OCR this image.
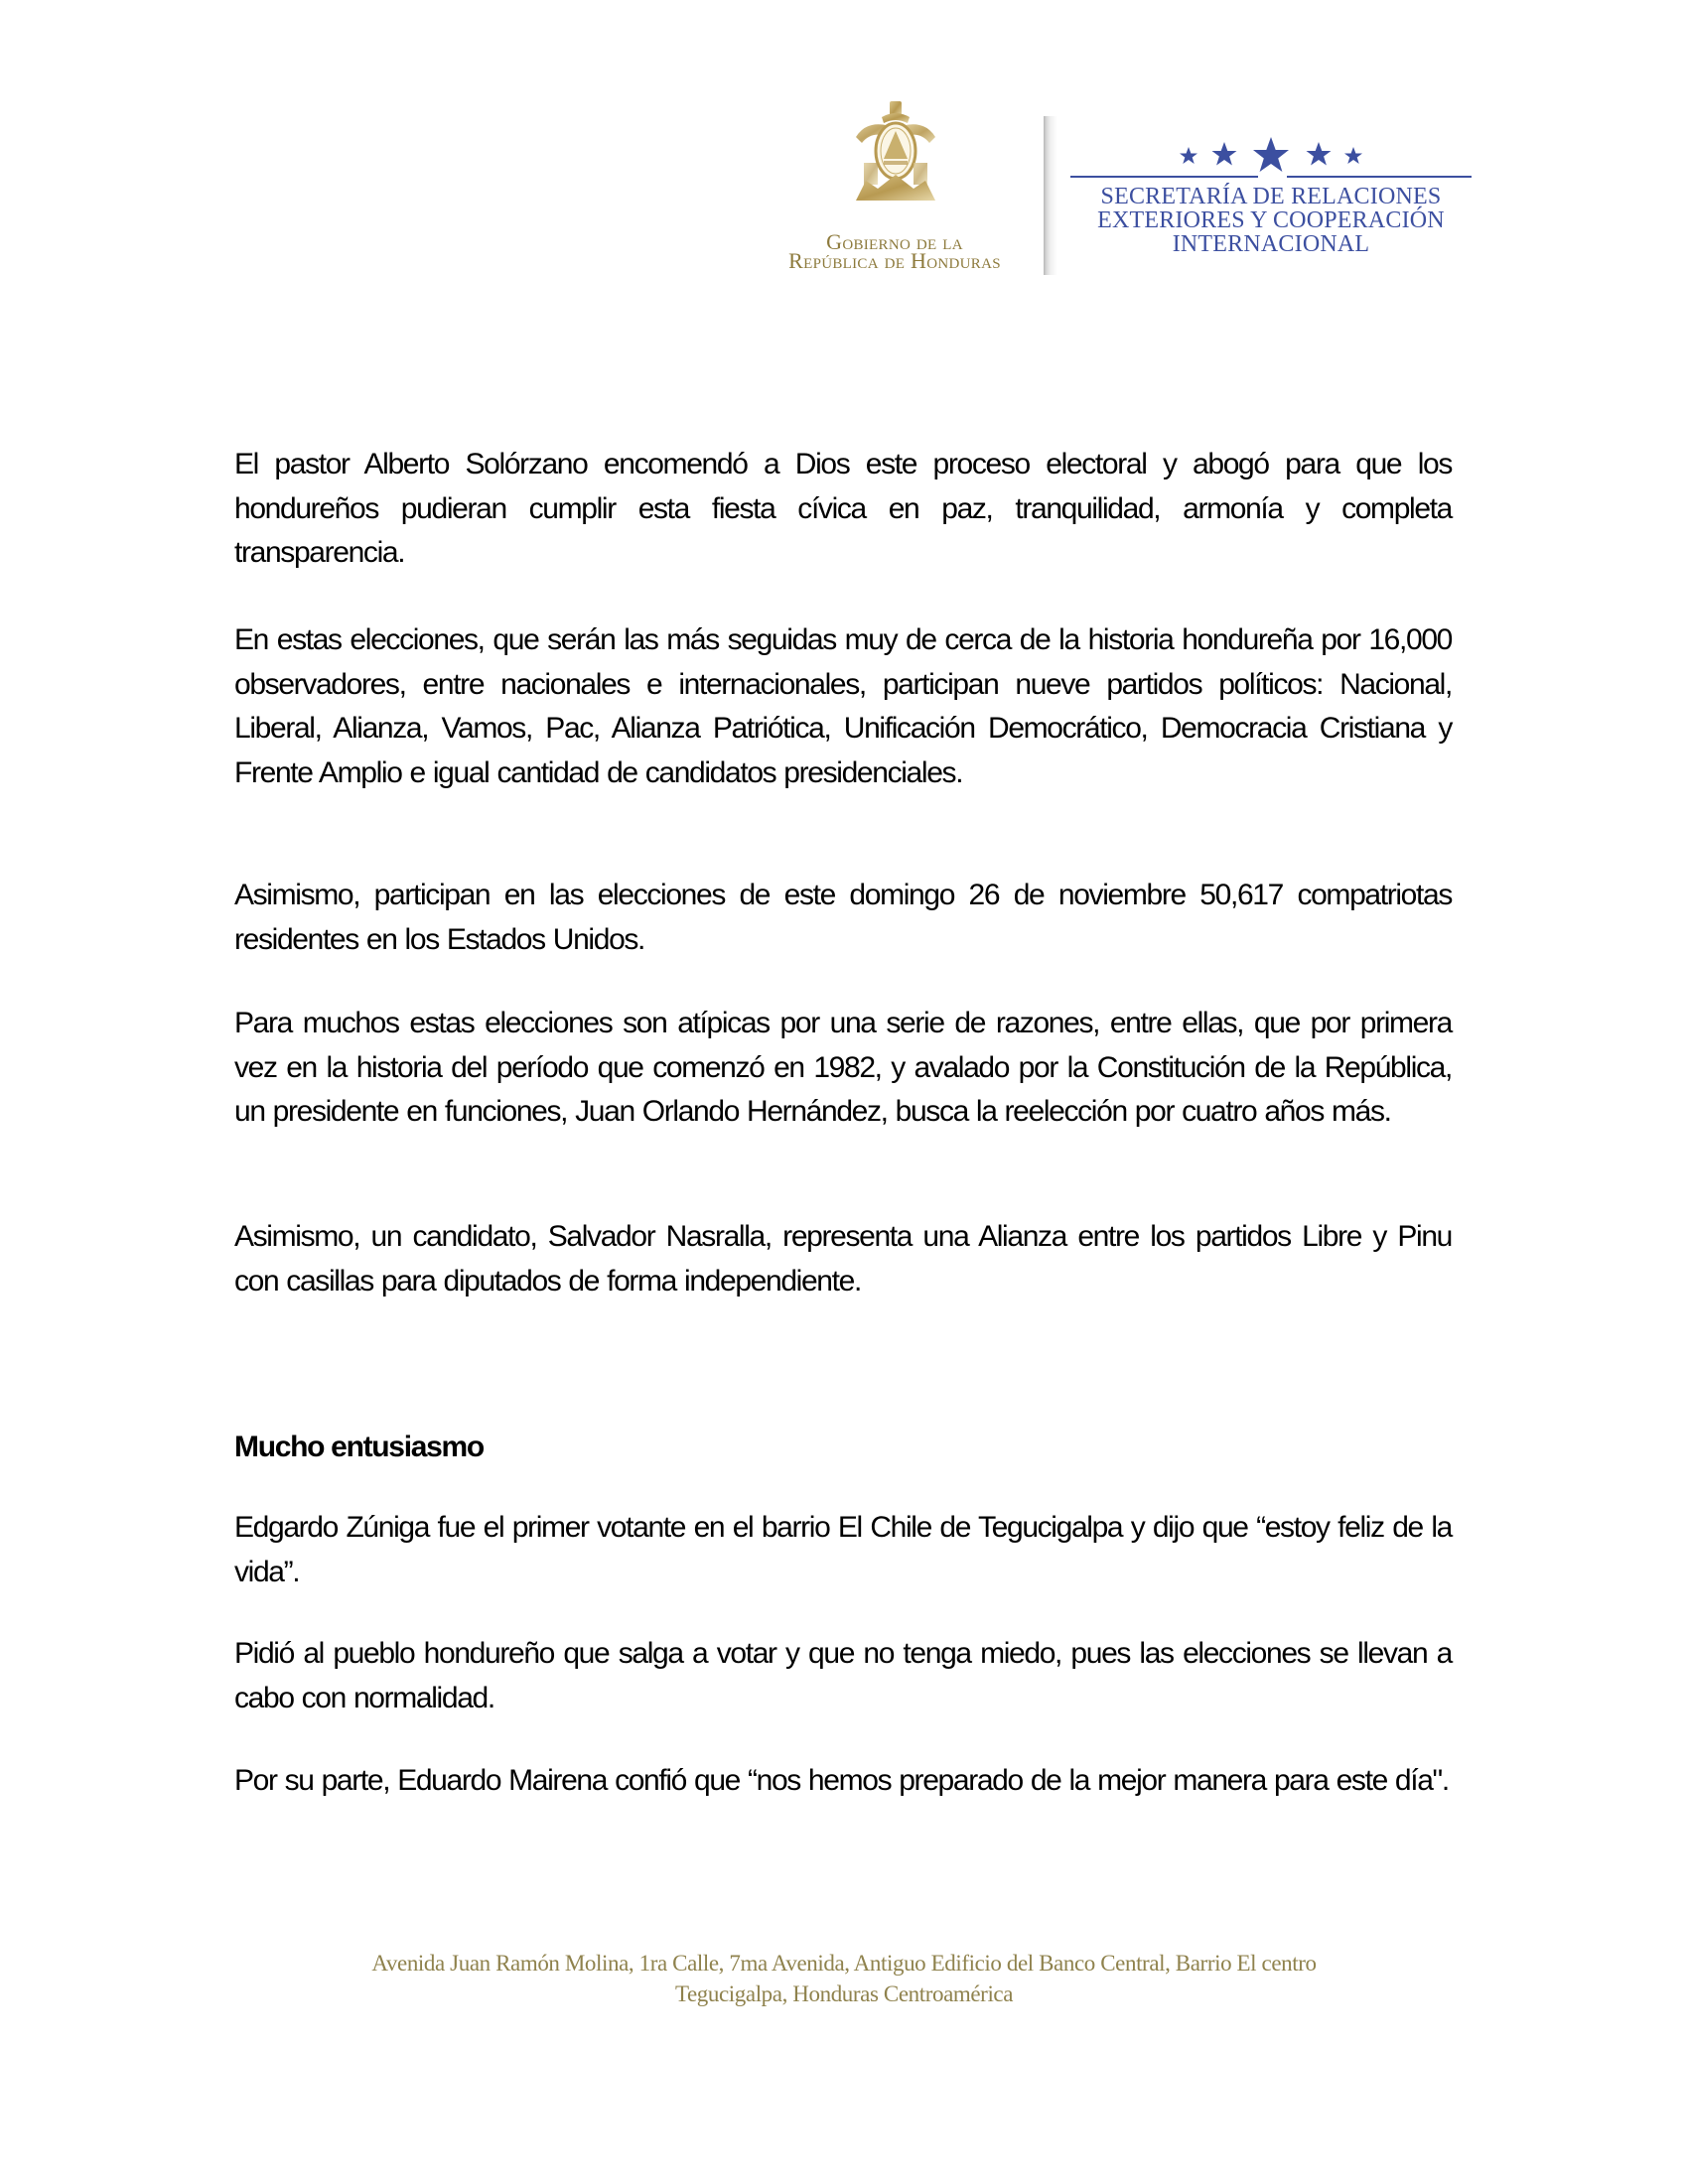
Gobierno de la
República de Honduras
SECRETARÍA DE RELACIONES
EXTERIORES Y COOPERACIÓN
INTERNACIONAL

El pastor Alberto Solórzano encomendó a Dios este proceso electoral y abogó para que los hondureños pudieran cumplir esta fiesta cívica en paz, tranquilidad, armonía y completa transparencia.

En estas elecciones, que serán las más seguidas muy de cerca de la historia hondureña por 16,000 observadores, entre nacionales e internacionales, participan nueve partidos políticos: Nacional, Liberal, Alianza, Vamos, Pac, Alianza Patriótica, Unificación Democrático, Democracia Cristiana y Frente Amplio e igual cantidad de candidatos presidenciales.

Asimismo, participan en las elecciones de este domingo 26 de noviembre 50,617 compatriotas residentes en los Estados Unidos.

Para muchos estas elecciones son atípicas por una serie de razones, entre ellas, que por primera vez en la historia del período que comenzó en 1982, y avalado por la Constitución de la República, un presidente en funciones, Juan Orlando Hernández, busca la reelección por cuatro años más.

Asimismo, un candidato, Salvador Nasralla, representa una Alianza entre los partidos Libre y Pinu con casillas para diputados de forma independiente.

Mucho entusiasmo

Edgardo Zúniga fue el primer votante en el barrio El Chile de Tegucigalpa y dijo que “estoy feliz de la vida”.

Pidió al pueblo hondureño que salga a votar y que no tenga miedo, pues las elecciones se llevan a cabo con normalidad.

Por su parte, Eduardo Mairena confió que “nos hemos preparado de la mejor manera para este día".

Avenida Juan Ramón Molina, 1ra Calle, 7ma Avenida, Antiguo Edificio del Banco Central, Barrio El centro
Tegucigalpa, Honduras Centroamérica
